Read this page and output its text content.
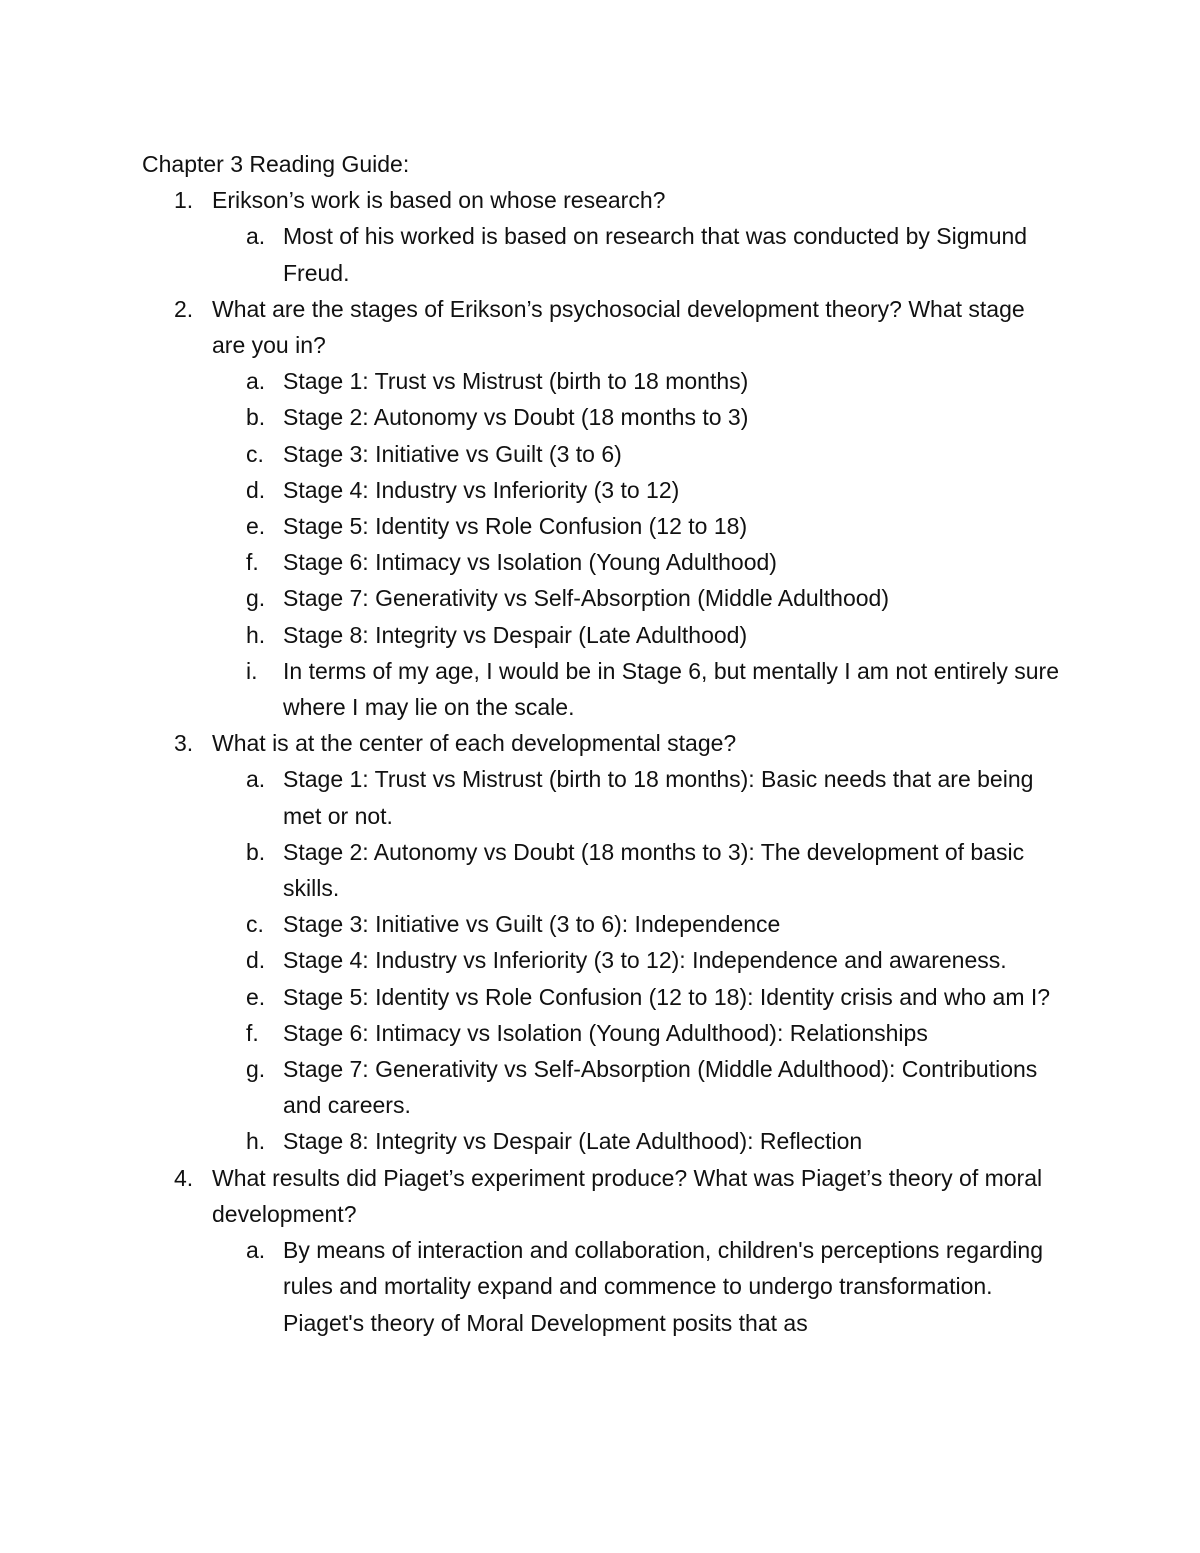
Chapter 3 Reading Guide:
1. Erikson’s work is based on whose research?
a. Most of his worked is based on research that was conducted by Sigmund Freud.
2. What are the stages of Erikson’s psychosocial development theory? What stage are you in?
a. Stage 1: Trust vs Mistrust (birth to 18 months)
b. Stage 2: Autonomy vs Doubt (18 months to 3)
c. Stage 3: Initiative vs Guilt (3 to 6)
d. Stage 4: Industry vs Inferiority (3 to 12)
e. Stage 5: Identity vs Role Confusion (12 to 18)
f. Stage 6: Intimacy vs Isolation (Young Adulthood)
g. Stage 7: Generativity vs Self-Absorption (Middle Adulthood)
h. Stage 8: Integrity vs Despair (Late Adulthood)
i. In terms of my age, I would be in Stage 6, but mentally I am not entirely sure where I may lie on the scale.
3. What is at the center of each developmental stage?
a. Stage 1: Trust vs Mistrust (birth to 18 months): Basic needs that are being met or not.
b. Stage 2: Autonomy vs Doubt (18 months to 3): The development of basic skills.
c. Stage 3: Initiative vs Guilt (3 to 6): Independence
d. Stage 4: Industry vs Inferiority (3 to 12): Independence and awareness.
e. Stage 5: Identity vs Role Confusion (12 to 18): Identity crisis and who am I?
f. Stage 6: Intimacy vs Isolation (Young Adulthood): Relationships
g. Stage 7: Generativity vs Self-Absorption (Middle Adulthood): Contributions and careers.
h. Stage 8: Integrity vs Despair (Late Adulthood): Reflection
4. What results did Piaget’s experiment produce? What was Piaget’s theory of moral development?
a. By means of interaction and collaboration, children's perceptions regarding rules and mortality expand and commence to undergo transformation. Piaget's theory of Moral Development posits that as
